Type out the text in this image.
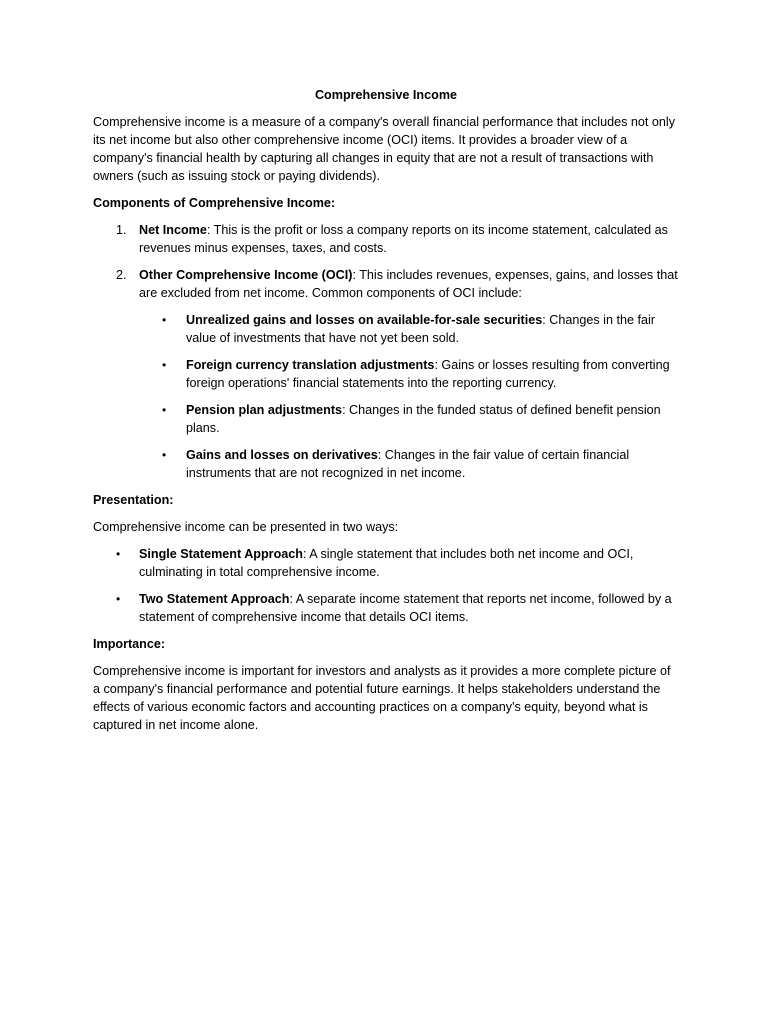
Comprehensive Income

Comprehensive income is a measure of a company's overall financial performance that includes not only its net income but also other comprehensive income (OCI) items. It provides a broader view of a company's financial health by capturing all changes in equity that are not a result of transactions with owners (such as issuing stock or paying dividends).

Components of Comprehensive Income:
1. Net Income: This is the profit or loss a company reports on its income statement, calculated as revenues minus expenses, taxes, and costs.
2. Other Comprehensive Income (OCI): This includes revenues, expenses, gains, and losses that are excluded from net income. Common components of OCI include:
• Unrealized gains and losses on available-for-sale securities: Changes in the fair value of investments that have not yet been sold.
• Foreign currency translation adjustments: Gains or losses resulting from converting foreign operations' financial statements into the reporting currency.
• Pension plan adjustments: Changes in the funded status of defined benefit pension plans.
• Gains and losses on derivatives: Changes in the fair value of certain financial instruments that are not recognized in net income.
Presentation:

Comprehensive income can be presented in two ways:

• Single Statement Approach: A single statement that includes both net income and OCI, culminating in total comprehensive income.
• Two Statement Approach: A separate income statement that reports net income, followed by a statement of comprehensive income that details OCI items.
Importance:

Comprehensive income is important for investors and analysts as it provides a more complete picture of a company's financial performance and potential future earnings. It helps stakeholders understand the effects of various economic factors and accounting practices on a company's equity, beyond what is captured in net income alone.
